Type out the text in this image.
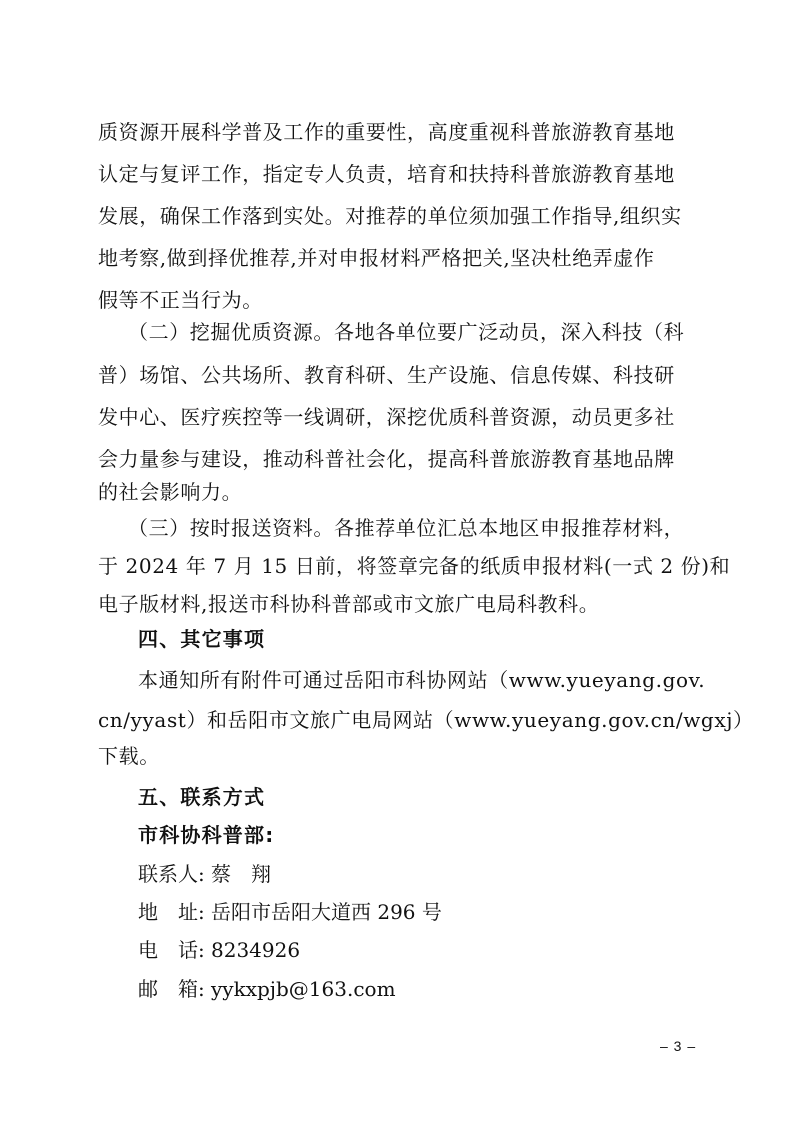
质资源开展科学普及工作的重要性，高度重视科普旅游教育基地
认定与复评工作，指定专人负责，培育和扶持科普旅游教育基地
发展，确保工作落到实处。对推荐的单位须加强工作指导,组织实
地考察,做到择优推荐,并对申报材料严格把关,坚决杜绝弄虚作
假等不正当行为。
（二）挖掘优质资源。各地各单位要广泛动员，深入科技（科
普）场馆、公共场所、教育科研、生产设施、信息传媒、科技研
发中心、医疗疾控等一线调研，深挖优质科普资源，动员更多社
会力量参与建设，推动科普社会化，提高科普旅游教育基地品牌
的社会影响力。
（三）按时报送资料。各推荐单位汇总本地区申报推荐材料，
于 2024 年 7 月 15 日前，将签章完备的纸质申报材料(一式 2 份)和
电子版材料,报送市科协科普部或市文旅广电局科教科。
四、其它事项
本通知所有附件可通过岳阳市科协网站（www.yueyang.gov.
cn/yyast）和岳阳市文旅广电局网站（www.yueyang.gov.cn/wgxj）
下载。
五、联系方式
市科协科普部:
联系人: 蔡　翔
地　址: 岳阳市岳阳大道西 296 号
电　话: 8234926
邮　箱: yykxpjb@163.com
– 3 –
